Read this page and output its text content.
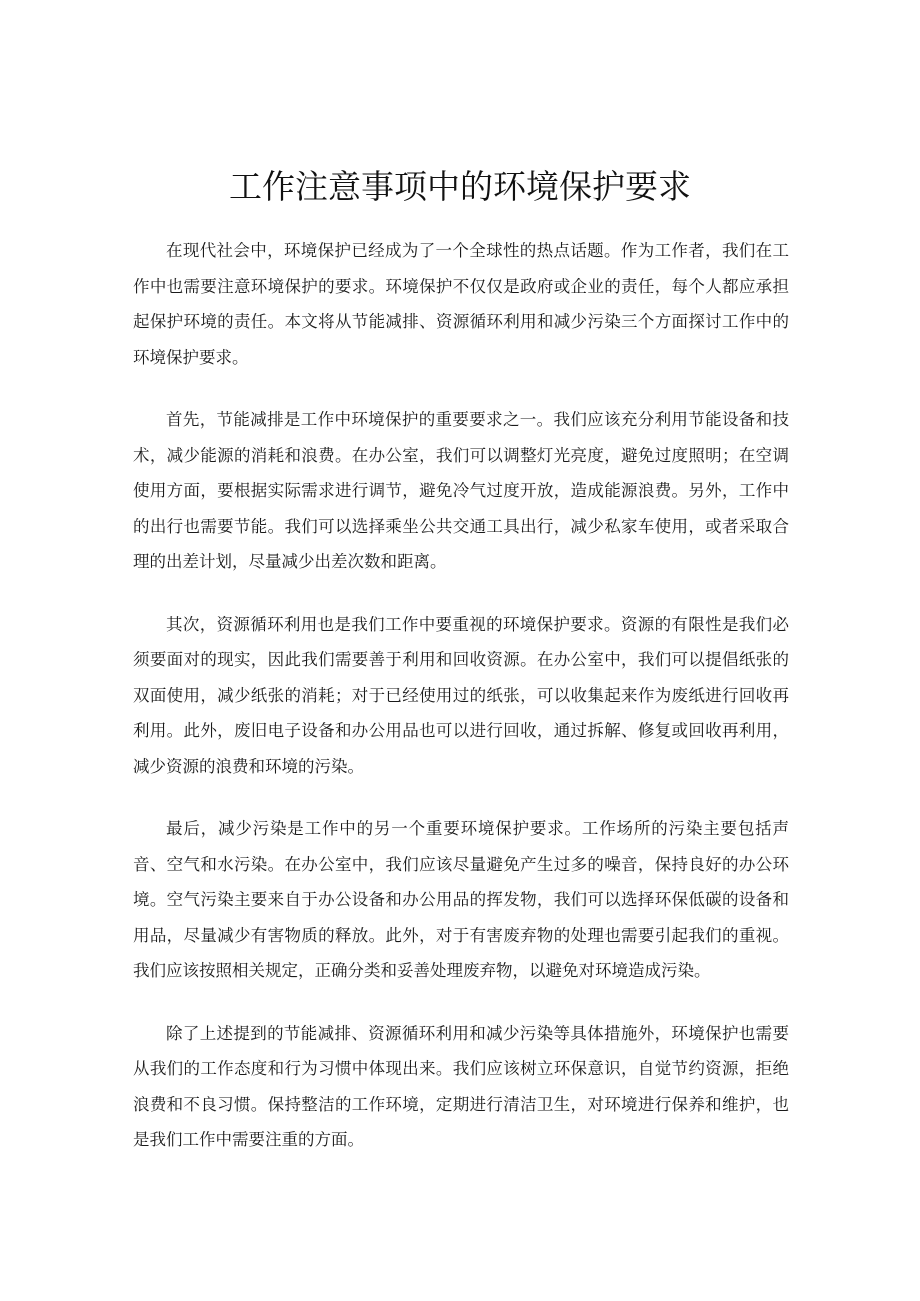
工作注意事项中的环境保护要求

在现代社会中，环境保护已经成为了一个全球性的热点话题。作为工作者，我们在工作中也需要注意环境保护的要求。环境保护不仅仅是政府或企业的责任，每个人都应承担起保护环境的责任。本文将从节能减排、资源循环利用和减少污染三个方面探讨工作中的环境保护要求。

首先，节能减排是工作中环境保护的重要要求之一。我们应该充分利用节能设备和技术，减少能源的消耗和浪费。在办公室，我们可以调整灯光亮度，避免过度照明；在空调使用方面，要根据实际需求进行调节，避免冷气过度开放，造成能源浪费。另外，工作中的出行也需要节能。我们可以选择乘坐公共交通工具出行，减少私家车使用，或者采取合理的出差计划，尽量减少出差次数和距离。

其次，资源循环利用也是我们工作中要重视的环境保护要求。资源的有限性是我们必须要面对的现实，因此我们需要善于利用和回收资源。在办公室中，我们可以提倡纸张的双面使用，减少纸张的消耗；对于已经使用过的纸张，可以收集起来作为废纸进行回收再利用。此外，废旧电子设备和办公用品也可以进行回收，通过拆解、修复或回收再利用，减少资源的浪费和环境的污染。

最后，减少污染是工作中的另一个重要环境保护要求。工作场所的污染主要包括声音、空气和水污染。在办公室中，我们应该尽量避免产生过多的噪音，保持良好的办公环境。空气污染主要来自于办公设备和办公用品的挥发物，我们可以选择环保低碳的设备和用品，尽量减少有害物质的释放。此外，对于有害废弃物的处理也需要引起我们的重视。我们应该按照相关规定，正确分类和妥善处理废弃物，以避免对环境造成污染。

除了上述提到的节能减排、资源循环利用和减少污染等具体措施外，环境保护也需要从我们的工作态度和行为习惯中体现出来。我们应该树立环保意识，自觉节约资源，拒绝浪费和不良习惯。保持整洁的工作环境，定期进行清洁卫生，对环境进行保养和维护，也是我们工作中需要注重的方面。
